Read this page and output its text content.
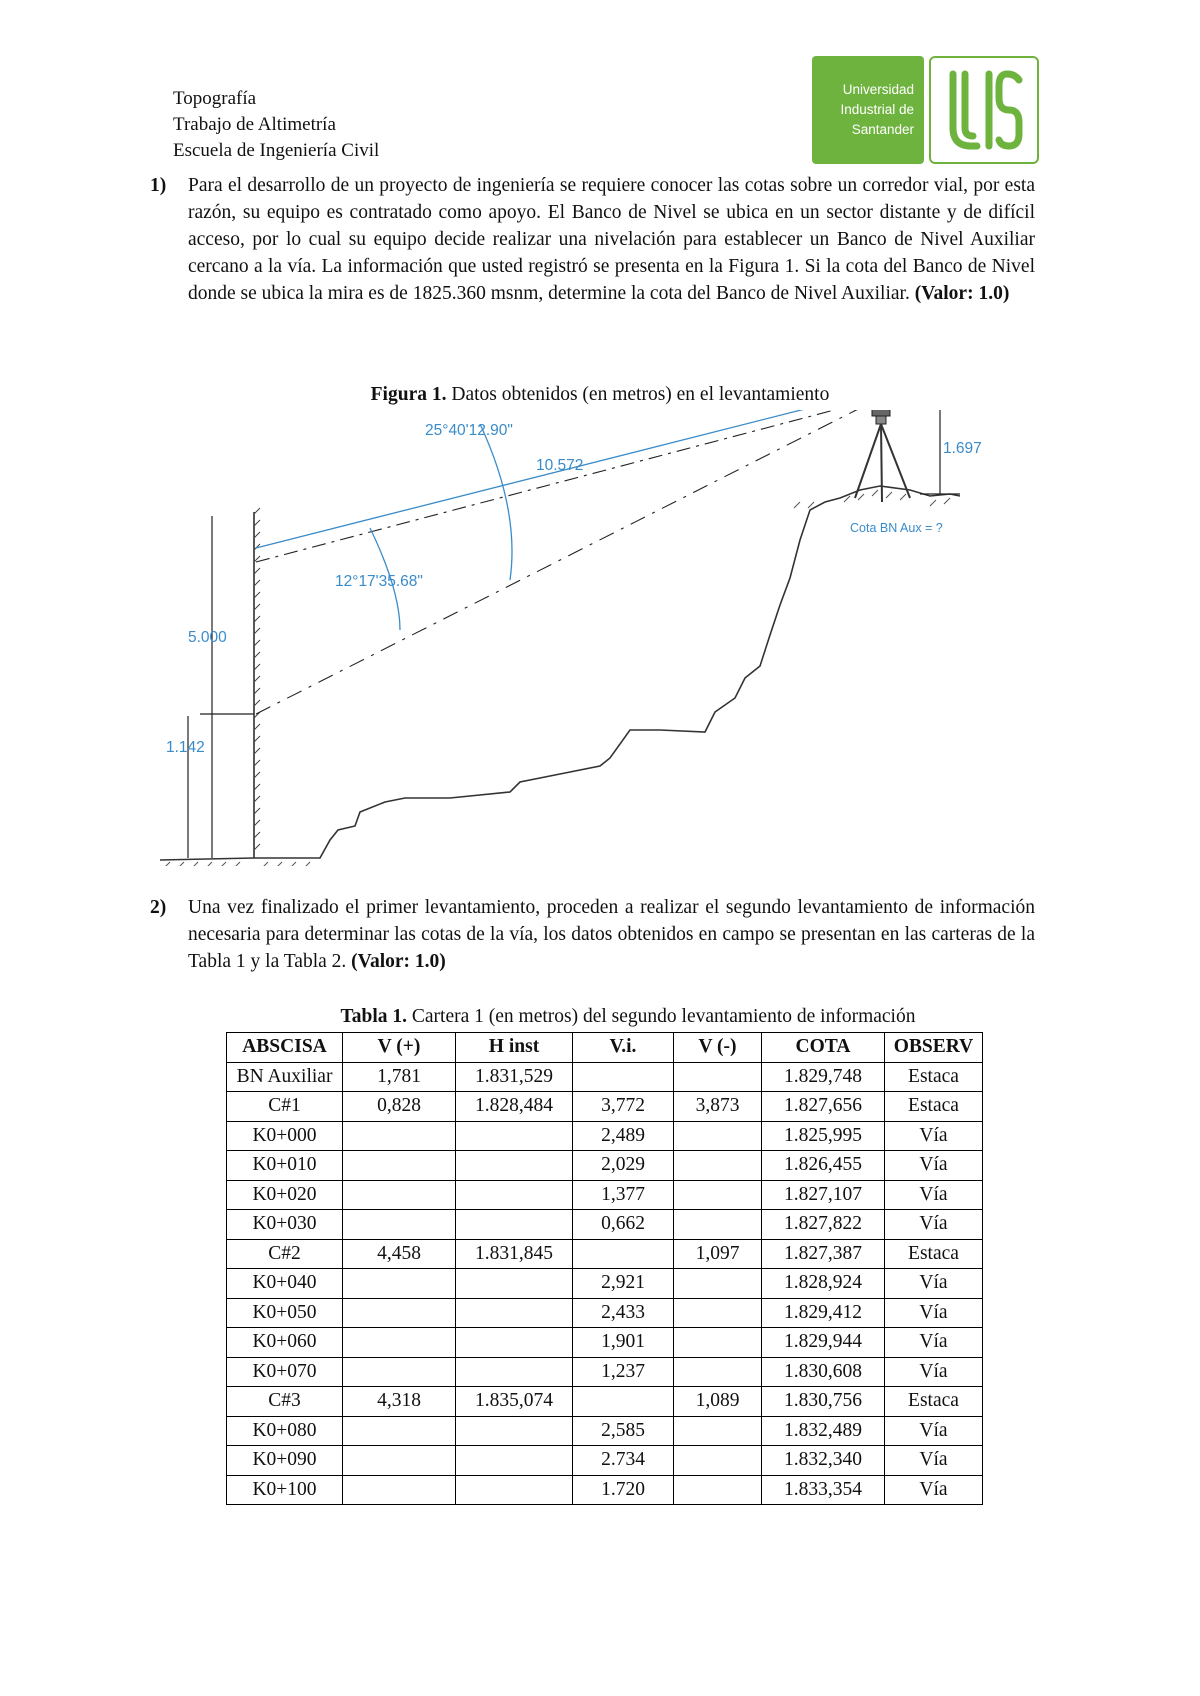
Topografía
Trabajo de Altimetría
Escuela de Ingeniería Civil
Universidad
Industrial de
Santander
1) Para el desarrollo de un proyecto de ingeniería se requiere conocer las cotas sobre un corredor vial, por esta razón, su equipo es contratado como apoyo. El Banco de Nivel se ubica en un sector distante y de difícil acceso, por lo cual su equipo decide realizar una nivelación para establecer un Banco de Nivel Auxiliar cercano a la vía. La información que usted registró se presenta en la Figura 1. Si la cota del Banco de Nivel donde se ubica la mira es de 1825.360 msnm, determine la cota del Banco de Nivel Auxiliar. (Valor: 1.0)
Figura 1. Datos obtenidos (en metros) en el levantamiento
25°40'12.90"
10.572
1.697
Cota BN Aux = ?
12°17'35.68"
5.000
1.142
2) Una vez finalizado el primer levantamiento, proceden a realizar el segundo levantamiento de información necesaria para determinar las cotas de la vía, los datos obtenidos en campo se presentan en las carteras de la Tabla 1 y la Tabla 2. (Valor: 1.0)
Tabla 1. Cartera 1 (en metros) del segundo levantamiento de información
ABSCISA	V (+)	H inst	V.i.	V (-)	COTA	OBSERV
BN Auxiliar	1,781	1.831,529			1.829,748	Estaca
C#1	0,828	1.828,484	3,772	3,873	1.827,656	Estaca
K0+000			2,489		1.825,995	Vía
K0+010			2,029		1.826,455	Vía
K0+020			1,377		1.827,107	Vía
K0+030			0,662		1.827,822	Vía
C#2	4,458	1.831,845		1,097	1.827,387	Estaca
K0+040			2,921		1.828,924	Vía
K0+050			2,433		1.829,412	Vía
K0+060			1,901		1.829,944	Vía
K0+070			1,237		1.830,608	Vía
C#3	4,318	1.835,074		1,089	1.830,756	Estaca
K0+080			2,585		1.832,489	Vía
K0+090			2.734		1.832,340	Vía
K0+100			1.720		1.833,354	Vía
